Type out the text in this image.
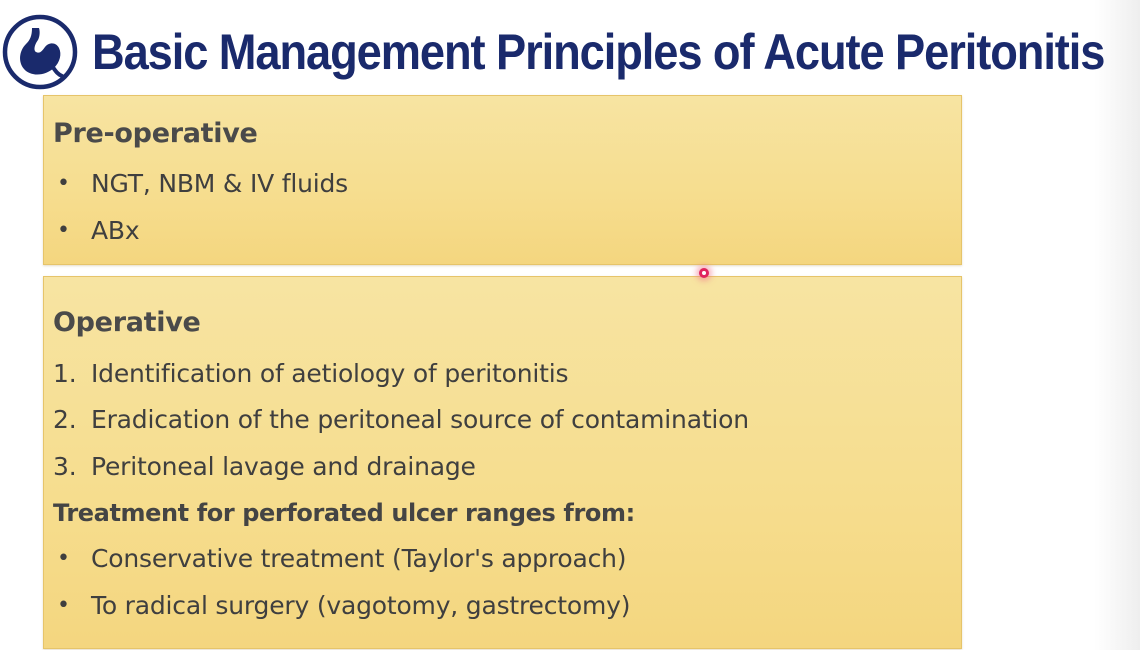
Basic Management Principles of Acute Peritonitis
Pre-operative
• NGT, NBM & IV fluids
• ABx
Operative
1. Identification of aetiology of peritonitis
2. Eradication of the peritoneal source of contamination
3. Peritoneal lavage and drainage
Treatment for perforated ulcer ranges from:
• Conservative treatment (Taylor's approach)
• To radical surgery (vagotomy, gastrectomy)
